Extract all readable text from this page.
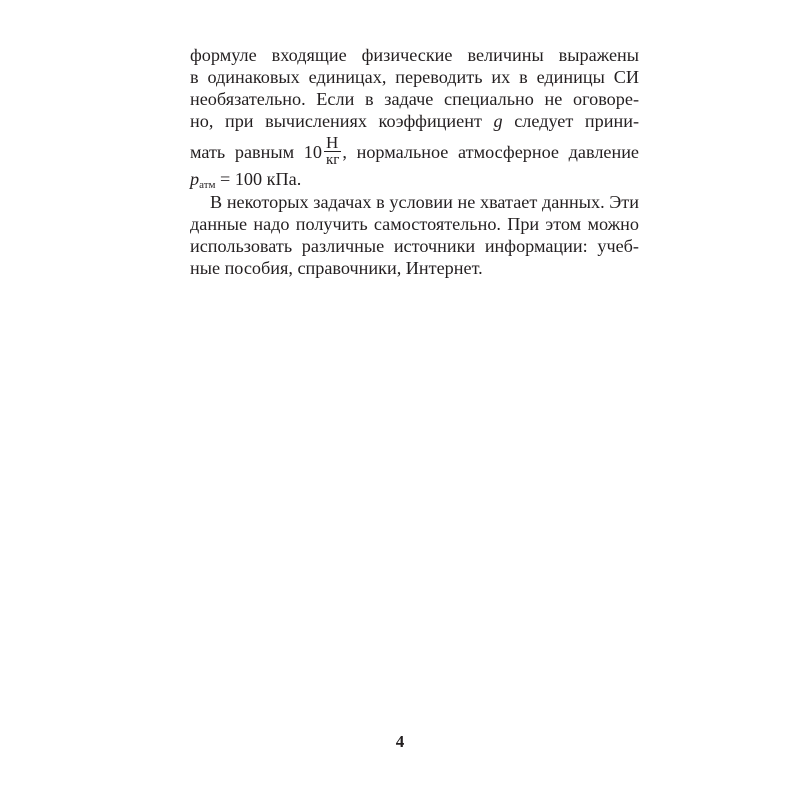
формуле входящие физические величины выражены
в одинаковых единицах, переводить их в единицы СИ
необязательно. Если в задаче специально не оговоре-
но, при вычислениях коэффициент g следует прини-
мать равным $10 \frac{Н}{кг}$ , нормальное атмосферное давление
$p_{атм} = 100$ кПа.
В некоторых задачах в условии не хватает данных. Эти
данные надо получить самостоятельно. При этом можно
использовать различные источники информации: учеб-
ные пособия, справочники, Интернет.
4
